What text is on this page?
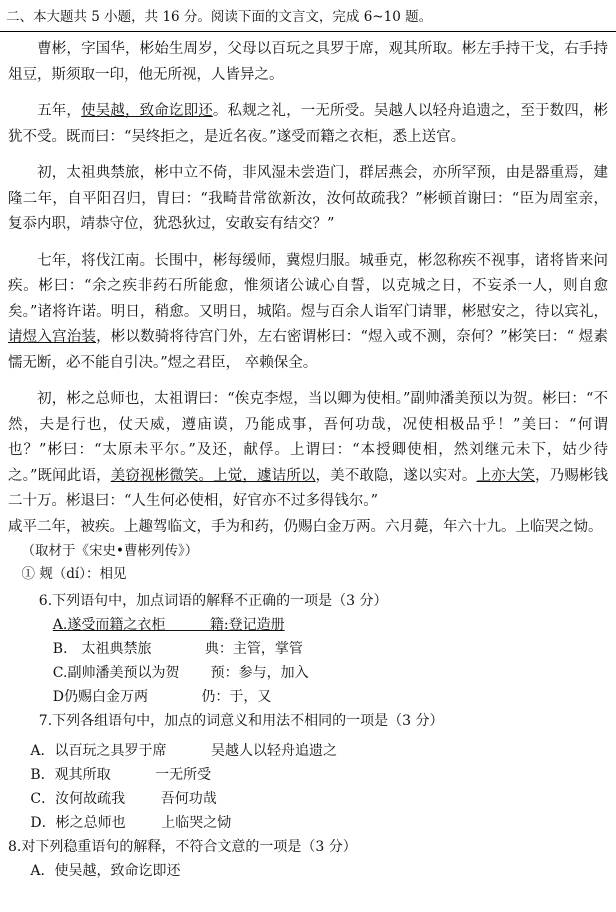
二、本大题共 5 小题，共 16 分。阅读下面的文言文，完成 6~10 题。

曹彬，字国华，彬始生周岁，父母以百玩之具罗于席，观其所取。彬左手持干戈，右手持俎豆，斯须取一印，他无所视，人皆异之。

五年，使吴越，致命讫即还。私觌之礼，一无所受。吴越人以轻舟追遗之，至于数四，彬犹不受。既而曰：“吴终拒之，是近名夜。”遂受而籍之衣柜，悉上送官。

初，太祖典禁旅，彬中立不倚，非风湿未尝造门，群居燕会，亦所罕预，由是器重焉，建隆二年，自平阳召归，胄曰：“我畸昔常欲新汝，汝何故疏我？”彬顿首谢曰：“臣为周室亲，复忝内职，靖恭守位，犹恐狄过，安敢妄有结交？”

七年，将伐江南。长围中，彬每缓师，冀煜归服。城垂克，彬忽称疾不视事，诸将皆来问疾。彬曰：“余之疾非药石所能愈，惟须诸公诚心自誓，以克城之日，不妄杀一人，则自愈矣。”诸将许诺。明日，稍愈。又明日，城陷。煜与百余人诣军门请罪，彬慰安之，待以宾礼，请煜入宫治装，彬以数骑将待宫门外，左右密谓彬曰：“煜入或不测，奈何？”彬笑曰：“ 煜素懦无断，必不能自引决。”煜之君臣， 卒赖保全。

初，彬之总师也，太祖谓曰：“俟克李煜，当以卿为使相。”副帅潘美预以为贺。彬曰：“不然，夫是行也，仗天威，遵庙谟，乃能成事，吾何功哉，况使相极品乎！”美曰：“何谓也？”彬曰：“太原未平尔。”及还，献俘。上谓曰：“本授卿使相，然刘继元未下，姑少待之。”既闻此语，美窃视彬微笑。上觉，遽诘所以，美不敢隐，遂以实对。上亦大笑，乃赐彬钱二十万。彬退曰：“人生何必使相，好官亦不过多得钱尔。”

咸平二年，被疾。上趣驾临文，手为和药，仍赐白金万两。六月薨，年六十九。上临哭之恸。

（取材于《宋史•曹彬列传》）

① 觌（dí）：相见

6.下列语句中，加点词语的解释不正确的一项是（3 分）

A.遂受而籍之衣柜          籍:登记造册

B． 太祖典禁旅            典：主管，掌管

C.副帅潘美预以为贺       预：参与，加入

D仍赐白金万两            仍：于，又

7.下列各组语句中，加点的词意义和用法不相同的一项是（3 分）

A．以百玩之具罗于席          吴越人以轻舟追遗之

B．观其所取          一无所受

C．汝何故疏我        吾何功哉

D．彬之总师也        上临哭之恸

8.对下列稳重语句的解释，不符合文意的一项是（3 分）

A．使吴越，致命讫即还
